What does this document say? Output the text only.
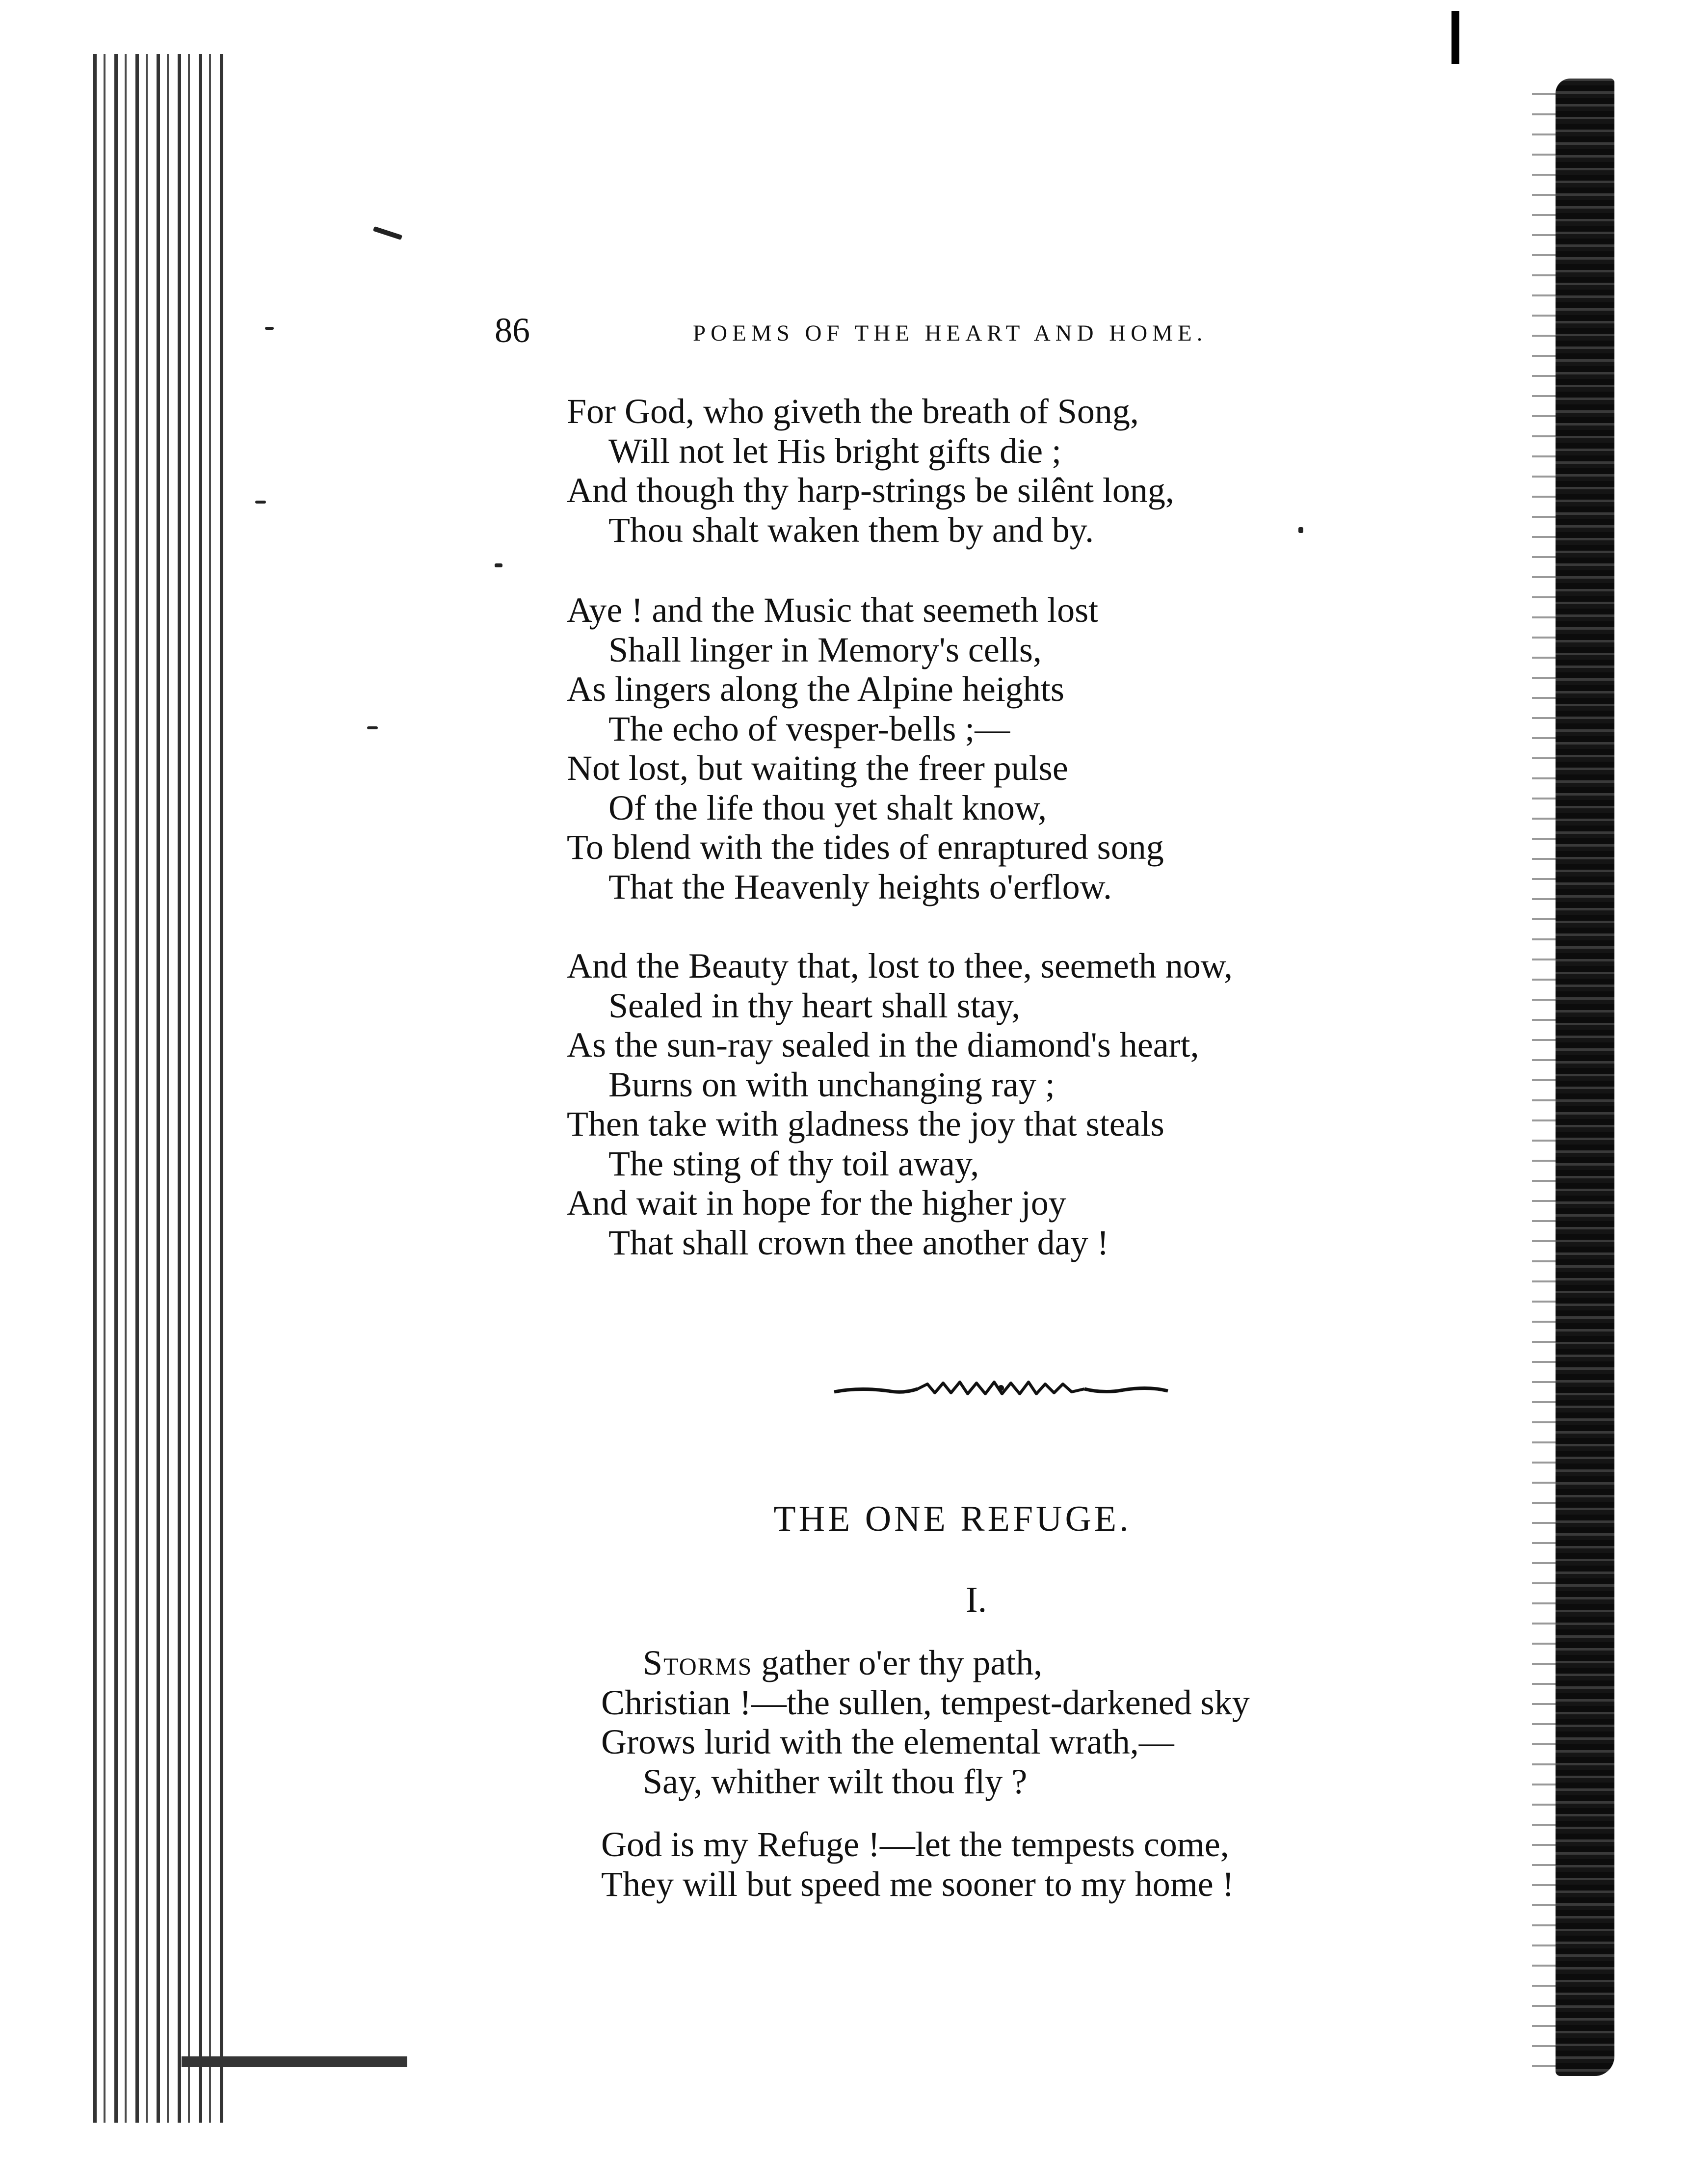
86	POEMS OF THE HEART AND HOME.
For God, who giveth the breath of Song,
Will not let His bright gifts die ;
And though thy harp-strings be silênt long,
Thou shalt waken them by and by.
Aye ! and the Music that seemeth lost
Shall linger in Memory's cells,
As lingers along the Alpine heights
The echo of vesper-bells ;—
Not lost, but waiting the freer pulse
Of the life thou yet shalt know,
To blend with the tides of enraptured song
That the Heavenly heights o'erflow.
And the Beauty that, lost to thee, seemeth now,
Sealed in thy heart shall stay,
As the sun-ray sealed in the diamond's heart,
Burns on with unchanging ray ;
Then take with gladness the joy that steals
The sting of thy toil away,
And wait in hope for the higher joy
That shall crown thee another day !
THE ONE REFUGE.
I.
Storms gather o'er thy path,
Christian !—the sullen, tempest-darkened sky
Grows lurid with the elemental wrath,—
Say, whither wilt thou fly ?
God is my Refuge !—let the tempests come,
They will but speed me sooner to my home !
